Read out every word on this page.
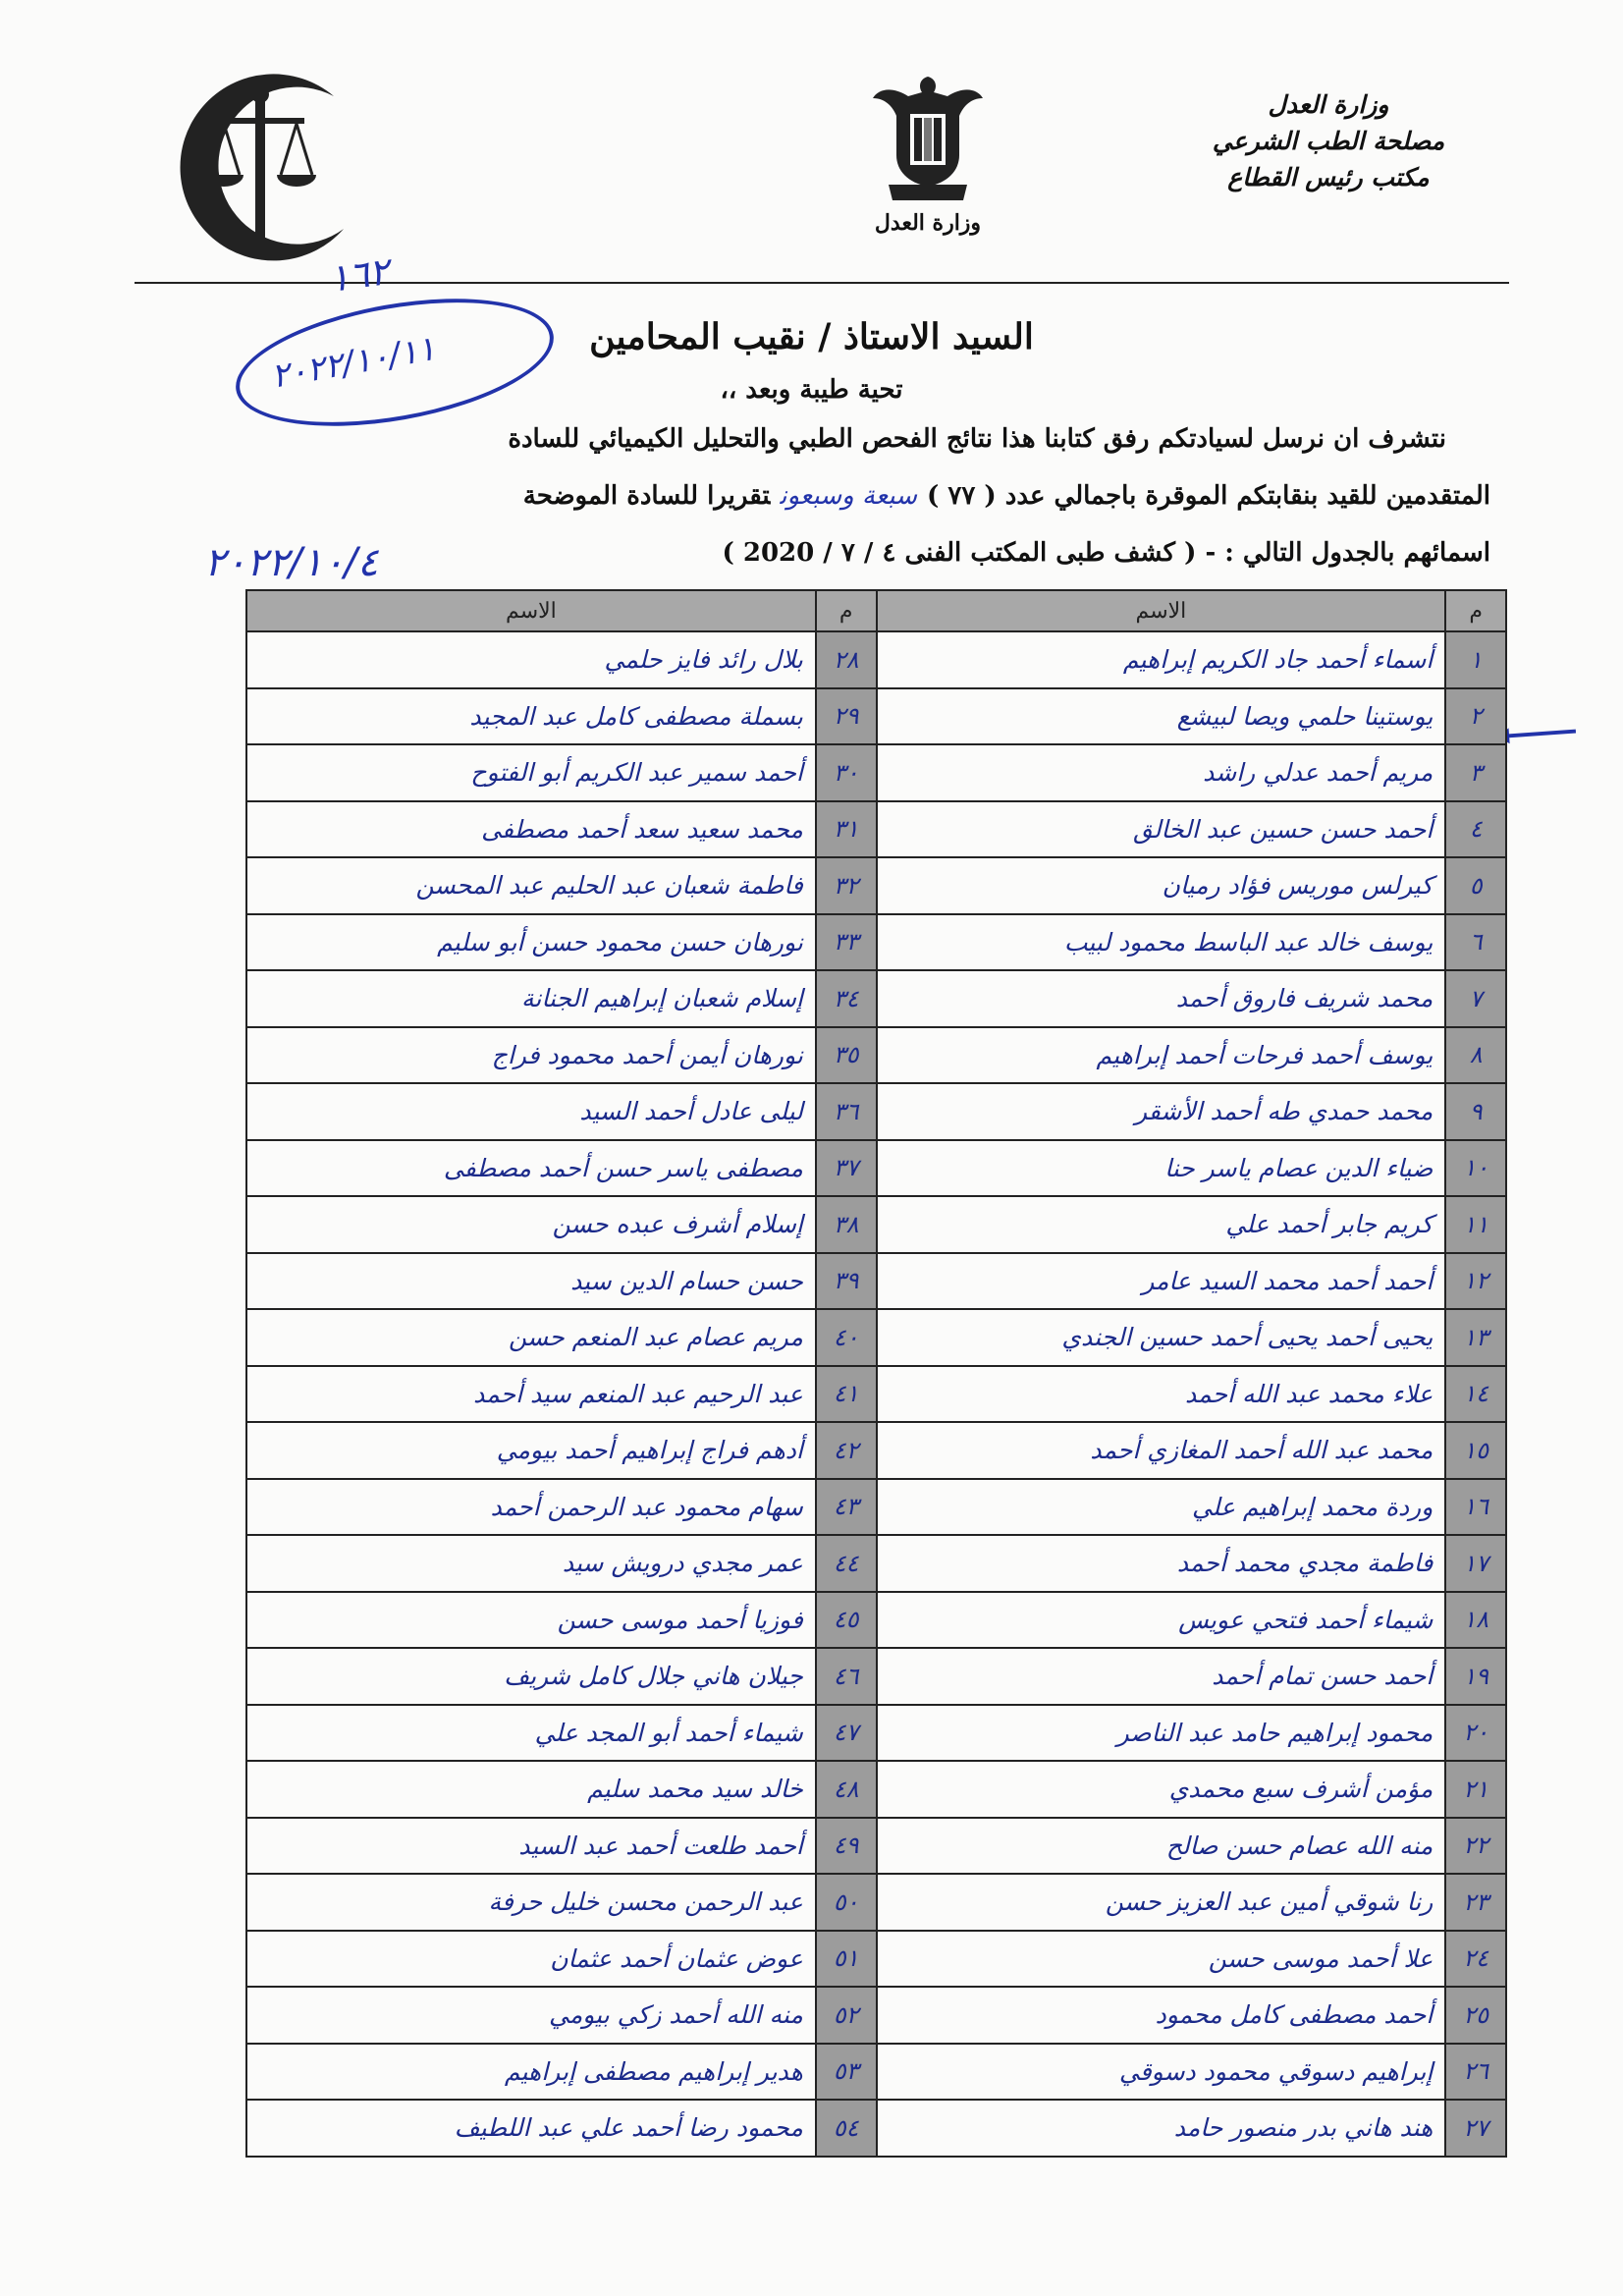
وزارة العدل
مصلحة الطب الشرعي
مكتب رئيس القطاع
وزارة العدل
١٦٢
٢٠٢٢/١٠/١١
٢٠٢٢/١٠/٤
السيد الاستاذ / نقيب المحامين
تحية طيبة وبعد ،،
نتشرف ان نرسل لسيادتكم رفق كتابنا هذا نتائج الفحص الطبي والتحليل الكيميائي للسادة
المتقدمين للقيد بنقابتكم الموقرة باجمالي عدد ( ٧٧ )سبعة وسبعونتقريرا للسادة الموضحة
اسمائهم بالجدول التالي : - ( كشف طبى المكتب الفنى ٤ / ٧ / 2020 )
م	الاسم	م	الاسم
١	أسماء أحمد جاد الكريم إبراهيم	٢٨	بلال رائد فايز حلمي
٢	يوستينا حلمي ويصا لبيشع	٢٩	بسملة مصطفى كامل عبد المجيد
٣	مريم أحمد عدلي راشد	٣٠	أحمد سمير عبد الكريم أبو الفتوح
٤	أحمد حسن حسين عبد الخالق	٣١	محمد سعيد سعد أحمد مصطفى
٥	كيرلس موريس فؤاد رميان	٣٢	فاطمة شعبان عبد الحليم عبد المحسن
٦	يوسف خالد عبد الباسط محمود لبيب	٣٣	نورهان حسن محمود حسن أبو سليم
٧	محمد شريف فاروق أحمد	٣٤	إسلام شعبان إبراهيم الجنانة
٨	يوسف أحمد فرحات أحمد إبراهيم	٣٥	نورهان أيمن أحمد محمود فراج
٩	محمد حمدي طه أحمد الأشقر	٣٦	ليلى عادل أحمد السيد
١٠	ضياء الدين عصام ياسر حنا	٣٧	مصطفى ياسر حسن أحمد مصطفى
١١	كريم جابر أحمد علي	٣٨	إسلام أشرف عبده حسن
١٢	أحمد أحمد محمد السيد عامر	٣٩	حسن حسام الدين سيد
١٣	يحيى أحمد يحيى أحمد حسين الجندي	٤٠	مريم عصام عبد المنعم حسن
١٤	علاء محمد عبد الله أحمد	٤١	عبد الرحيم عبد المنعم سيد أحمد
١٥	محمد عبد الله أحمد المغازي أحمد	٤٢	أدهم فراج إبراهيم أحمد بيومي
١٦	وردة محمد إبراهيم علي	٤٣	سهام محمود عبد الرحمن أحمد
١٧	فاطمة مجدي محمد أحمد	٤٤	عمر مجدي درويش سيد
١٨	شيماء أحمد فتحي عويس	٤٥	فوزيا أحمد موسى حسن
١٩	أحمد حسن تمام أحمد	٤٦	جيلان هاني جلال كامل شريف
٢٠	محمود إبراهيم حامد عبد الناصر	٤٧	شيماء أحمد أبو المجد علي
٢١	مؤمن أشرف سبع محمدي	٤٨	خالد سيد محمد سليم
٢٢	منه الله عصام حسن صالح	٤٩	أحمد طلعت أحمد عبد السيد
٢٣	رنا شوقي أمين عبد العزيز حسن	٥٠	عبد الرحمن محسن خليل حرفة
٢٤	علا أحمد موسى حسن	٥١	عوض عثمان أحمد عثمان
٢٥	أحمد مصطفى كامل محمود	٥٢	منه الله أحمد زكي بيومي
٢٦	إبراهيم دسوقي محمود دسوقي	٥٣	هدير إبراهيم مصطفى إبراهيم
٢٧	هند هاني بدر منصور حامد	٥٤	محمود رضا أحمد علي عبد اللطيف
